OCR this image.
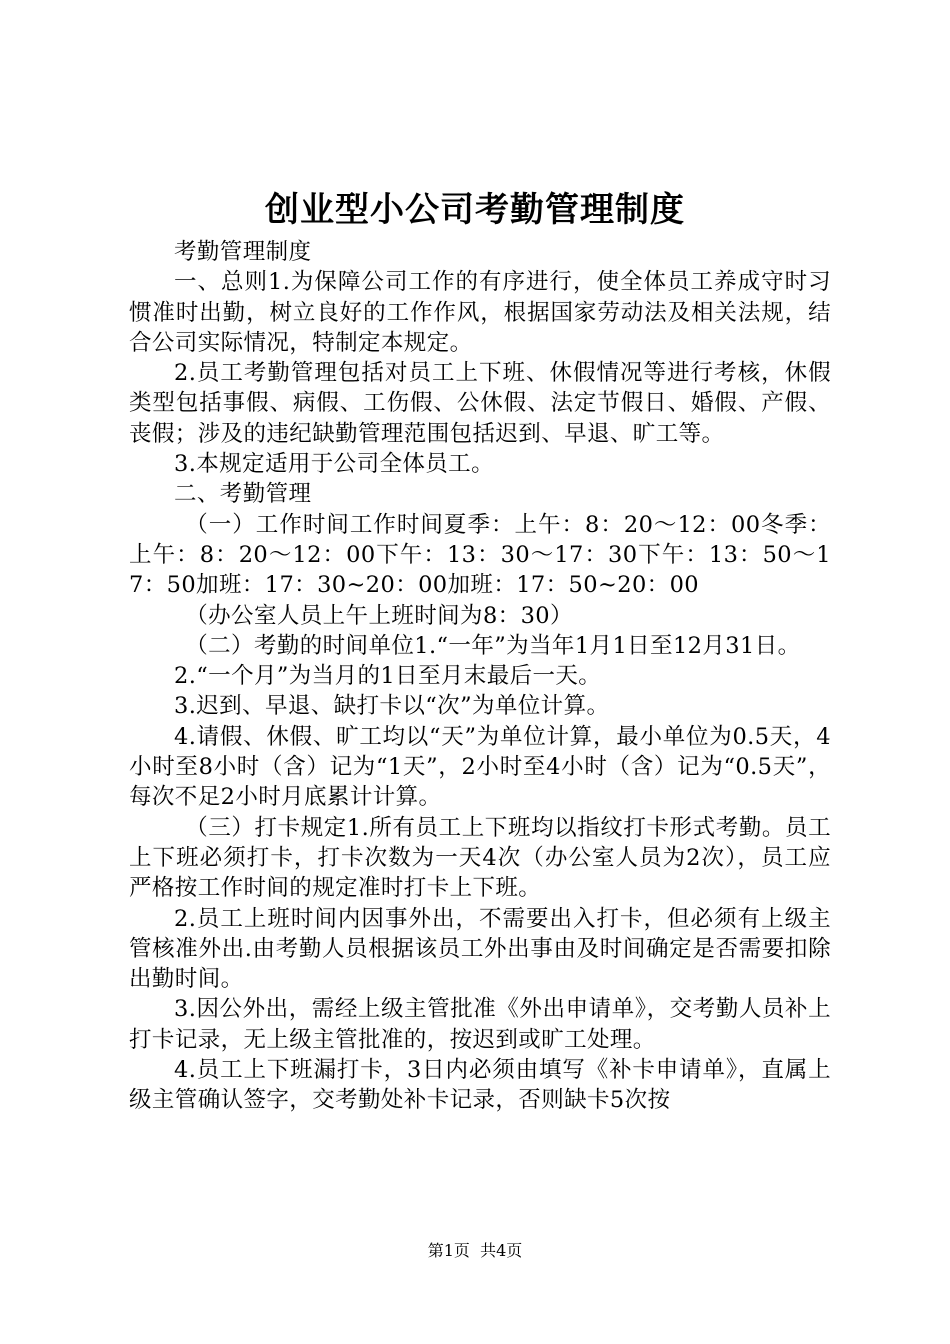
创业型小公司考勤管理制度

考勤管理制度

一、总则1.为保障公司工作的有序进行，使全体员工养成守时习惯准时出勤，树立良好的工作作风，根据国家劳动法及相关法规，结合公司实际情况，特制定本规定。

2.员工考勤管理包括对员工上下班、休假情况等进行考核，休假类型包括事假、病假、工伤假、公休假、法定节假日、婚假、产假、丧假；涉及的违纪缺勤管理范围包括迟到、早退、旷工等。

3.本规定适用于公司全体员工。

二、考勤管理

（一）工作时间工作时间夏季：上午：8：20～12：00冬季：上午：8：20～12：00下午：13：30～17：30下午：13：50～17：50加班：17：30~20：00加班：17：50~20：00

（办公室人员上午上班时间为8：30）

（二）考勤的时间单位1.“一年”为当年1月1日至12月31日。

2.“一个月”为当月的1日至月末最后一天。

3.迟到、早退、缺打卡以“次”为单位计算。

4.请假、休假、旷工均以“天”为单位计算，最小单位为0.5天，4小时至8小时（含）记为“1天”，2小时至4小时（含）记为“0.5天”，每次不足2小时月底累计计算。

（三）打卡规定1.所有员工上下班均以指纹打卡形式考勤。员工上下班必须打卡，打卡次数为一天4次（办公室人员为2次），员工应严格按工作时间的规定准时打卡上下班。

2.员工上班时间内因事外出，不需要出入打卡，但必须有上级主管核准外出.由考勤人员根据该员工外出事由及时间确定是否需要扣除出勤时间。

3.因公外出，需经上级主管批准《外出申请单》，交考勤人员补上打卡记录，无上级主管批准的，按迟到或旷工处理。

4.员工上下班漏打卡，3日内必须由填写《补卡申请单》，直属上级主管确认签字，交考勤处补卡记录，否则缺卡5次按

第1页  共4页
